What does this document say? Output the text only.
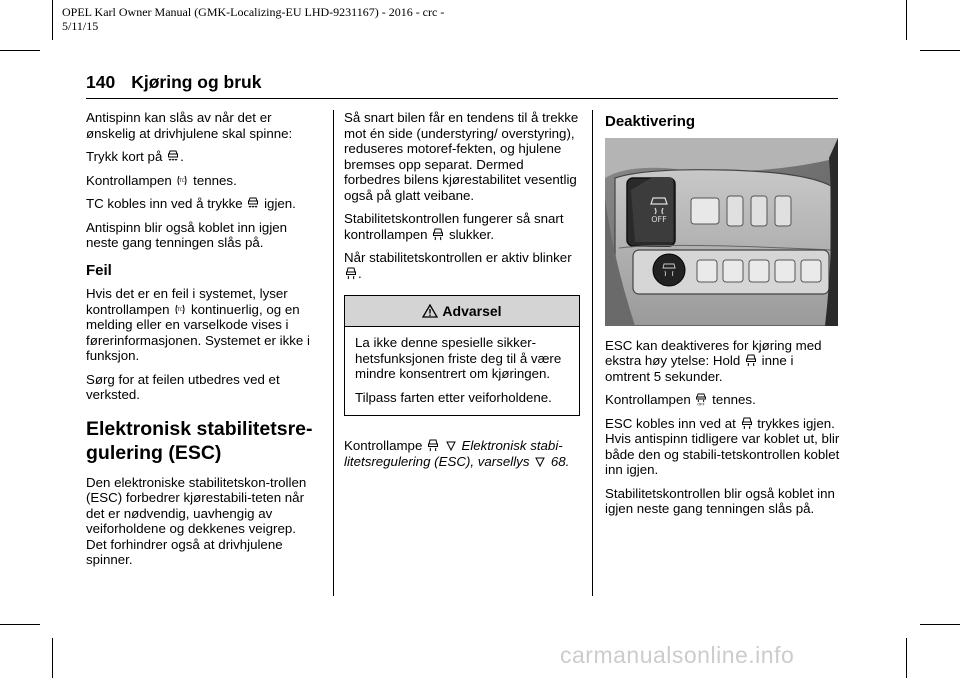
OPEL Karl Owner Manual (GMK-Localizing-EU LHD-9231167) - 2016 - crc -
5/11/15
140 Kjøring og bruk

Antispinn kan slås av når det er ønskelig at drivhjulene skal spinne:

Trykk kort på .

Kontrollampen TC tennes.

TC kobles inn ved å trykke igjen.

Antispinn blir også koblet inn igjen neste gang tenningen slås på.

Feil

Hvis det er en feil i systemet, lyser kontrollampen TC kontinuerlig, og en melding eller en varselkode vises i førerinformasjonen. Systemet er ikke i funksjon.

Sørg for at feilen utbedres ved et verksted.

Elektronisk stabilitetsre-gulering (ESC)

Den elektroniske stabilitetskon-trollen (ESC) forbedrer kjørestabili-teten når det er nødvendig, uavhengig av veiforholdene og dekkenes veigrep. Det forhindrer også at drivhjulene spinner.

Så snart bilen får en tendens til å trekke mot én side (understyring/ overstyring), reduseres motoref-fekten, og hjulene bremses opp separat. Dermed forbedres bilens kjørestabilitet vesentlig også på glatt veibane.

Stabilitetskontrollen fungerer så snart kontrollampen slukker.

Når stabilitetskontrollen er aktiv blinker .

Advarsel

La ikke denne spesielle sikker-hetsfunksjonen friste deg til å være mindre konsentrert om kjøringen.

Tilpass farten etter veiforholdene.

Kontrollampe	Elektronisk stabi-litetsregulering (ESC), varsellys 68.

Deaktivering
OFF

ESC kan deaktiveres for kjøring med ekstra høy ytelse: Hold inne i omtrent 5 sekunder.

Kontrollampen OFF tennes.

ESC kobles inn ved at trykkes igjen. Hvis antispinn tidligere var koblet ut, blir både den og stabili-tetskontrollen koblet inn igjen.

Stabilitetskontrollen blir også koblet inn igjen neste gang tenningen slås på.

carmanualsonline.info
